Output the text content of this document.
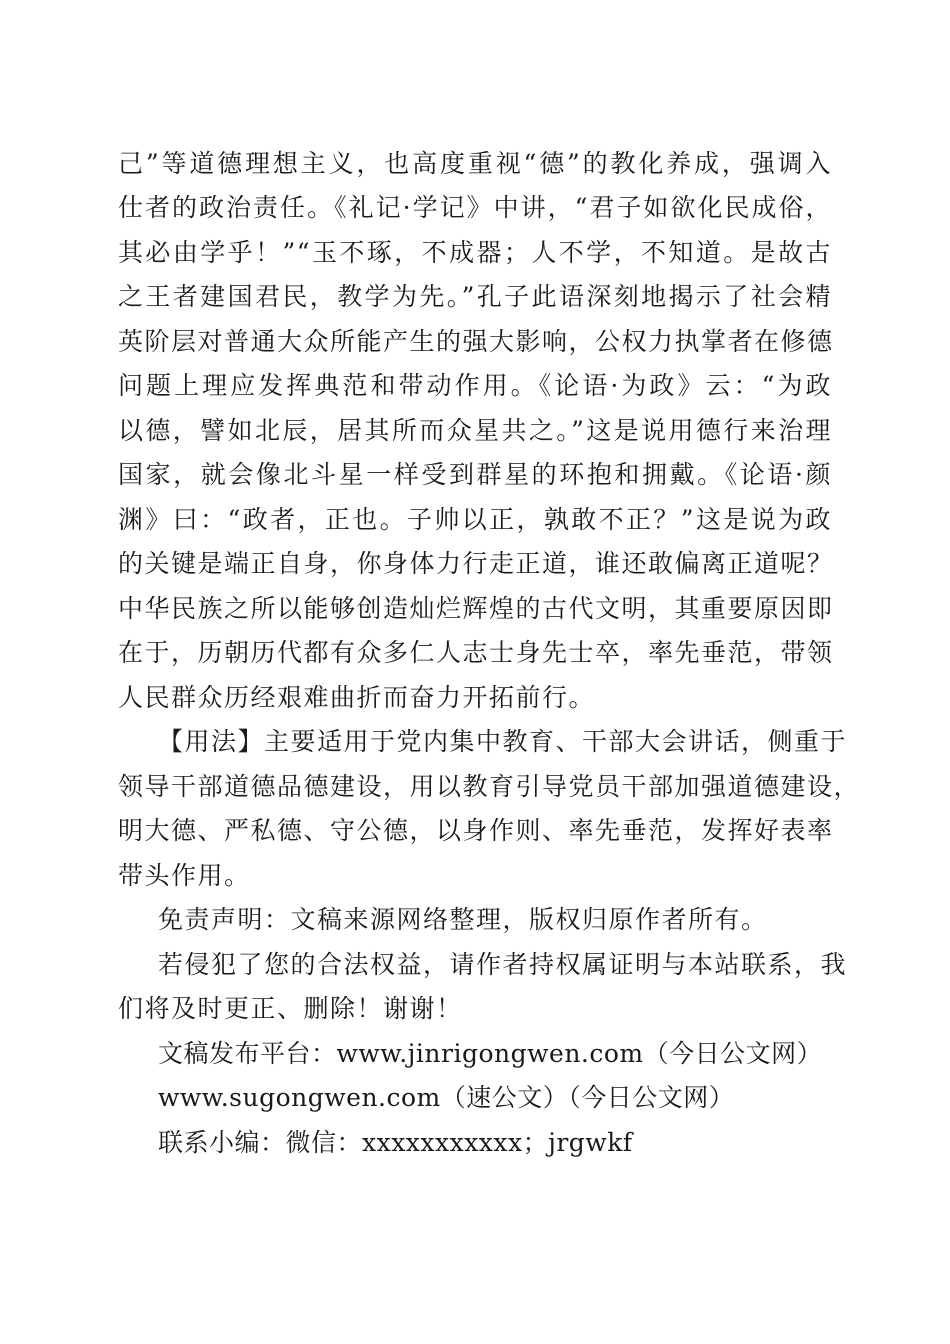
己”等道德理想主义，也高度重视“德”的教化养成，强调入
仕者的政治责任。《礼记·学记》中讲，“君子如欲化民成俗，
其必由学乎！”“玉不琢，不成器；人不学，不知道。是故古
之王者建国君民，教学为先。”孔子此语深刻地揭示了社会精
英阶层对普通大众所能产生的强大影响，公权力执掌者在修德
问题上理应发挥典范和带动作用。《论语·为政》云：“为政
以德，譬如北辰，居其所而众星共之。”这是说用德行来治理
国家，就会像北斗星一样受到群星的环抱和拥戴。《论语·颜
渊》曰：“政者，正也。子帅以正，孰敢不正？”这是说为政
的关键是端正自身，你身体力行走正道，谁还敢偏离正道呢？
中华民族之所以能够创造灿烂辉煌的古代文明，其重要原因即
在于，历朝历代都有众多仁人志士身先士卒，率先垂范，带领
人民群众历经艰难曲折而奋力开拓前行。
【用法】主要适用于党内集中教育、干部大会讲话，侧重于
领导干部道德品德建设，用以教育引导党员干部加强道德建设，
明大德、严私德、守公德，以身作则、率先垂范，发挥好表率
带头作用。
免责声明：文稿来源网络整理，版权归原作者所有。
若侵犯了您的合法权益，请作者持权属证明与本站联系，我
们将及时更正、删除！谢谢！
文稿发布平台：www.jinrigongwen.com（今日公文网）
www.sugongwen.com（速公文）（今日公文网）
联系小编：微信：xxxxxxxxxxx；jrgwkf
